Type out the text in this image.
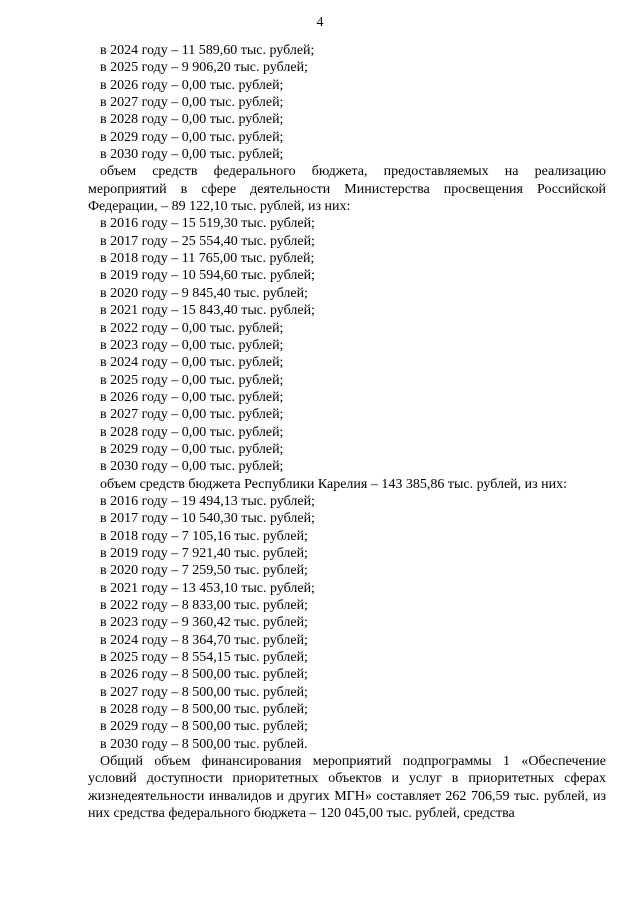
4
в 2024 году – 11 589,60 тыс. рублей;
в 2025 году – 9 906,20 тыс. рублей;
в 2026 году – 0,00 тыс. рублей;
в 2027 году – 0,00 тыс. рублей;
в 2028 году – 0,00 тыс. рублей;
в 2029 году – 0,00 тыс. рублей;
в 2030 году – 0,00 тыс. рублей;
объем средств федерального бюджета, предоставляемых на реализацию мероприятий в сфере деятельности Министерства просвещения Российской Федерации, – 89 122,10 тыс. рублей, из них:
в 2016 году – 15 519,30 тыс. рублей;
в 2017 году – 25 554,40 тыс. рублей;
в 2018 году – 11 765,00 тыс. рублей;
в 2019 году – 10 594,60 тыс. рублей;
в 2020 году – 9 845,40 тыс. рублей;
в 2021 году – 15 843,40 тыс. рублей;
в 2022 году – 0,00 тыс. рублей;
в 2023 году – 0,00 тыс. рублей;
в 2024 году – 0,00 тыс. рублей;
в 2025 году – 0,00 тыс. рублей;
в 2026 году – 0,00 тыс. рублей;
в 2027 году – 0,00 тыс. рублей;
в 2028 году – 0,00 тыс. рублей;
в 2029 году – 0,00 тыс. рублей;
в 2030 году – 0,00 тыс. рублей;
объем средств бюджета Республики Карелия – 143 385,86 тыс. рублей, из них:
в 2016 году – 19 494,13 тыс. рублей;
в 2017 году – 10 540,30 тыс. рублей;
в 2018 году – 7 105,16 тыс. рублей;
в 2019 году – 7 921,40 тыс. рублей;
в 2020 году – 7 259,50 тыс. рублей;
в 2021 году – 13 453,10 тыс. рублей;
в 2022 году – 8 833,00 тыс. рублей;
в 2023 году – 9 360,42 тыс. рублей;
в 2024 году – 8 364,70 тыс. рублей;
в 2025 году – 8 554,15 тыс. рублей;
в 2026 году – 8 500,00 тыс. рублей;
в 2027 году – 8 500,00 тыс. рублей;
в 2028 году – 8 500,00 тыс. рублей;
в 2029 году – 8 500,00 тыс. рублей;
в 2030 году – 8 500,00 тыс. рублей.
Общий объем финансирования мероприятий подпрограммы 1 «Обеспечение условий доступности приоритетных объектов и услуг в приоритетных сферах жизнедеятельности инвалидов и других МГН» составляет 262 706,59 тыс. рублей, из них средства федерального бюджета – 120 045,00 тыс. рублей, средства
